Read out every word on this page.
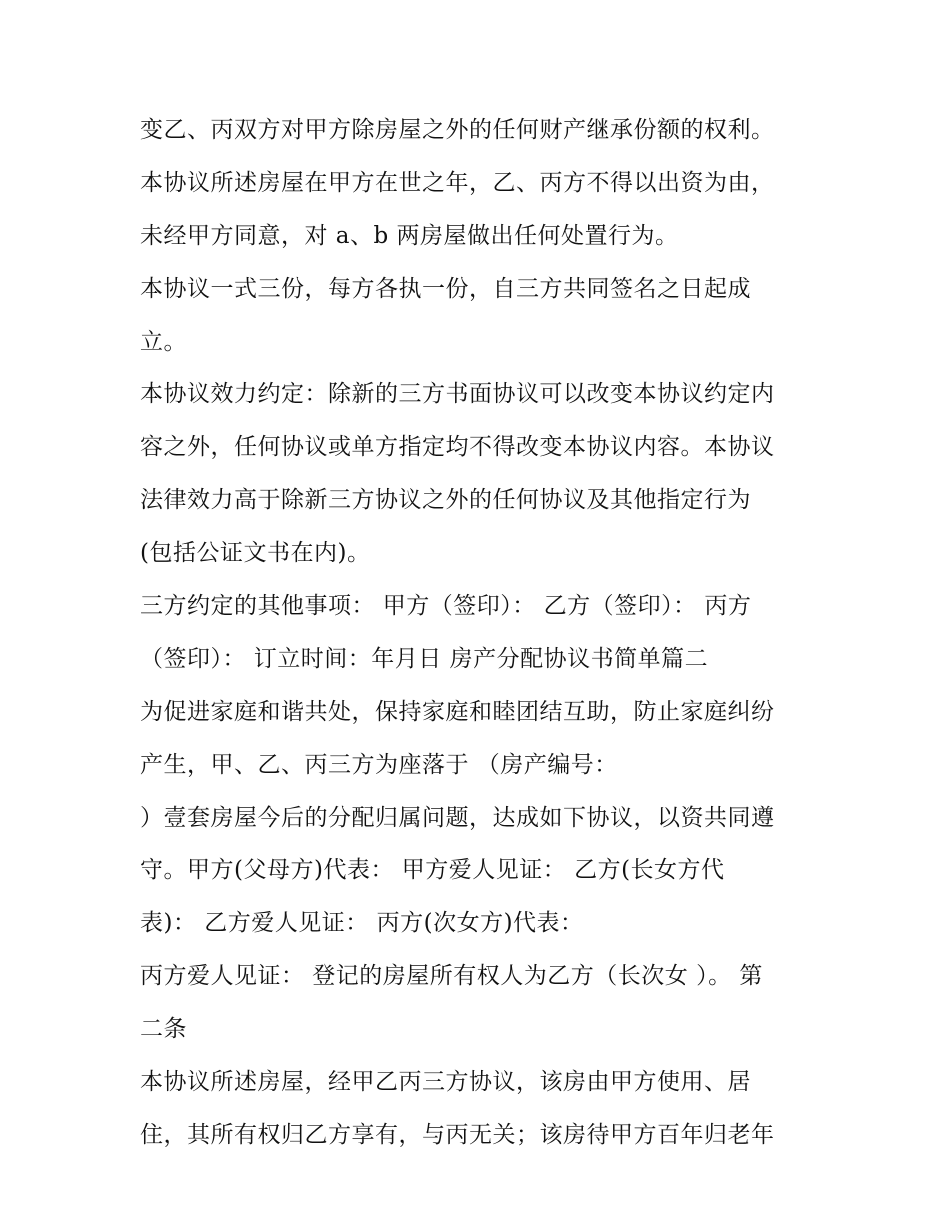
变乙、丙双方对甲方除房屋之外的任何财产继承份额的权利。
本协议所述房屋在甲方在世之年，乙、丙方不得以出资为由，
未经甲方同意，对 a、b 两房屋做出任何处置行为。
本协议一式三份，每方各执一份，自三方共同签名之日起成
立。
本协议效力约定：除新的三方书面协议可以改变本协议约定内
容之外，任何协议或单方指定均不得改变本协议内容。本协议
法律效力高于除新三方协议之外的任何协议及其他指定行为
(包括公证文书在内)。
三方约定的其他事项： 甲方（签印）： 乙方（签印）： 丙方
（签印）： 订立时间：年月日 房产分配协议书简单篇二
为促进家庭和谐共处，保持家庭和睦团结互助，防止家庭纠纷
产生，甲、乙、丙三方为座落于 （房产编号：
）壹套房屋今后的分配归属问题，达成如下协议，以资共同遵
守。甲方(父母方)代表： 甲方爱人见证： 乙方(长女方代
表)： 乙方爱人见证： 丙方(次女方)代表：
丙方爱人见证： 登记的房屋所有权人为乙方（长次女 ）。 第
二条
本协议所述房屋，经甲乙丙三方协议，该房由甲方使用、居
住，其所有权归乙方享有，与丙无关；该房待甲方百年归老年
